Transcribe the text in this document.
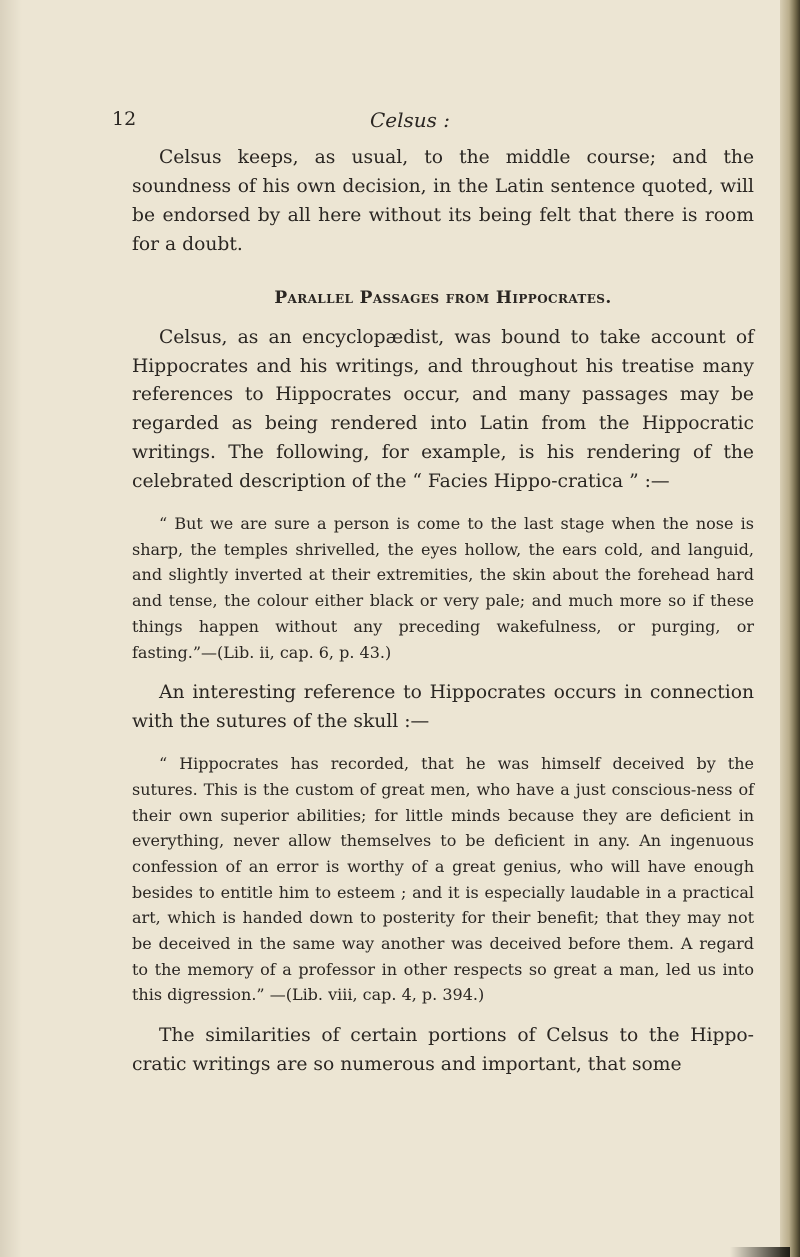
12	Celsus :

Celsus keeps, as usual, to the middle course; and the soundness of his own decision, in the Latin sentence quoted, will be endorsed by all here without its being felt that there is room for a doubt.

Parallel Passages from Hippocrates.

Celsus, as an encyclopædist, was bound to take account of Hippocrates and his writings, and throughout his treatise many references to Hippocrates occur, and many passages may be regarded as being rendered into Latin from the Hippocratic writings. The following, for example, is his rendering of the celebrated description of the “ Facies Hippo-cratica ” :—

“ But we are sure a person is come to the last stage when the nose is sharp, the temples shrivelled, the eyes hollow, the ears cold, and languid, and slightly inverted at their extremities, the skin about the forehead hard and tense, the colour either black or very pale; and much more so if these things happen without any preceding wakefulness, or purging, or fasting.”—(Lib. ii, cap. 6, p. 43.)

An interesting reference to Hippocrates occurs in connection with the sutures of the skull :—

“ Hippocrates has recorded, that he was himself deceived by the sutures. This is the custom of great men, who have a just conscious-ness of their own superior abilities; for little minds because they are deficient in everything, never allow themselves to be deficient in any. An ingenuous confession of an error is worthy of a great genius, who will have enough besides to entitle him to esteem ; and it is especially laudable in a practical art, which is handed down to posterity for their benefit; that they may not be deceived in the same way another was deceived before them. A regard to the memory of a professor in other respects so great a man, led us into this digression.” —(Lib. viii, cap. 4, p. 394.)

The similarities of certain portions of Celsus to the Hippo-cratic writings are so numerous and important, that some
